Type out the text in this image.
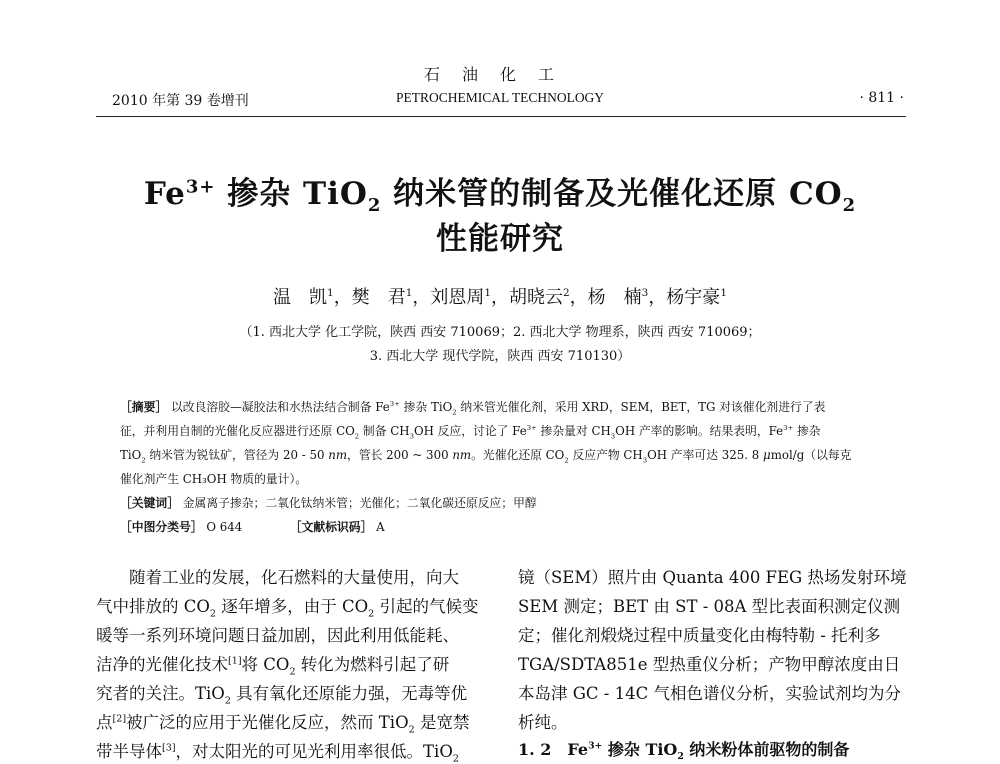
石油化工
2010 年第 39 卷增刊	PETROCHEMICAL TECHNOLOGY	· 811 ·
$Fe^{3+}$ 掺杂 TiO$_2$ 纳米管的制备及光催化还原 $CO_2$
性能研究
温　凯$^1$，樊　君$^1$，刘恩周$^1$，胡晓云$^2$，杨　楠$^3$，杨宇豪$^1$
（1. 西北大学 化工学院，陕西 西安 710069；2. 西北大学 物理系，陕西 西安 710069；
3. 西北大学 现代学院，陕西 西安 710130）
［摘要］ 以改良溶胶—凝胶法和水热法结合制备 $Fe^{3+}$ 掺杂 TiO$_2$ 纳米管光催化剂，采用 XRD，SEM，BET，TG 对该催化剂进行了表
征，并利用自制的光催化反应器进行还原 $CO_2$ 制备 $CH_3OH$ 反应，讨论了 $Fe^{3+}$ 掺杂量对 $CH_3OH$ 产率的影响。结果表明，$Fe^{3+}$ 掺杂
TiO$_2$ 纳米管为锐钛矿，管径为 20 - 50 nm，管长 200 ~ 300 nm。光催化还原 $CO_2$ 反应产物 $CH_3OH$ 产率可达 325. 8 μmol/g（以每克
催化剂产生 CH₃OH 物质的量计）。
［关键词］ 金属离子掺杂；二氧化钛纳米管；光催化；二氧化碳还原反应；甲醇
［中图分类号］ O 644	［文献标识码］ A
随着工业的发展，化石燃料的大量使用，向大
气中排放的 $CO_2$ 逐年增多，由于 $CO_2$ 引起的气候变
暖等一系列环境问题日益加剧，因此利用低能耗、
洁净的光催化技术[1]将 $CO_2$ 转化为燃料引起了研
究者的关注。TiO$_2$ 具有氧化还原能力强，无毒等优
点[2]被广泛的应用于光催化反应，然而 TiO$_2$ 是宽禁
带半导体[3]，对太阳光的可见光利用率很低。TiO$_2$
镜（SEM）照片由 Quanta 400 FEG 热场发射环境
SEM 测定；BET 由 ST - 08A 型比表面积测定仪测
定；催化剂煅烧过程中质量变化由梅特勒 - 托利多
TGA/SDTA851e 型热重仪分析；产物甲醇浓度由日
本岛津 GC - 14C 气相色谱仪分析，实验试剂均为分
析纯。
1. 2　$Fe^{3+}$ 掺杂 TiO$_2$ 纳米粉体前驱物的制备
